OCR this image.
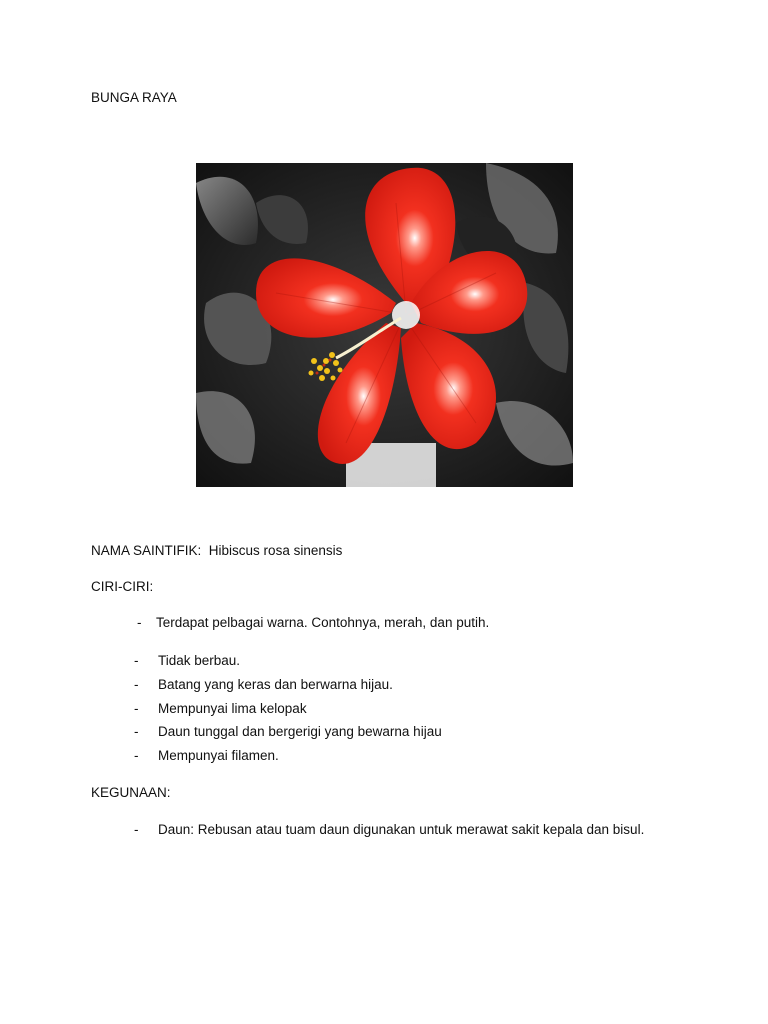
BUNGA RAYA
NAMA SAINTIFIK: Hibiscus rosa sinensis
CIRI-CIRI:
- Terdapat pelbagai warna. Contohnya, merah, dan putih.
- Tidak berbau.
- Batang yang keras dan berwarna hijau.
- Mempunyai lima kelopak
- Daun tunggal dan bergerigi yang bewarna hijau
- Mempunyai filamen.
KEGUNAAN:
- Daun: Rebusan atau tuam daun digunakan untuk merawat sakit kepala dan bisul.
